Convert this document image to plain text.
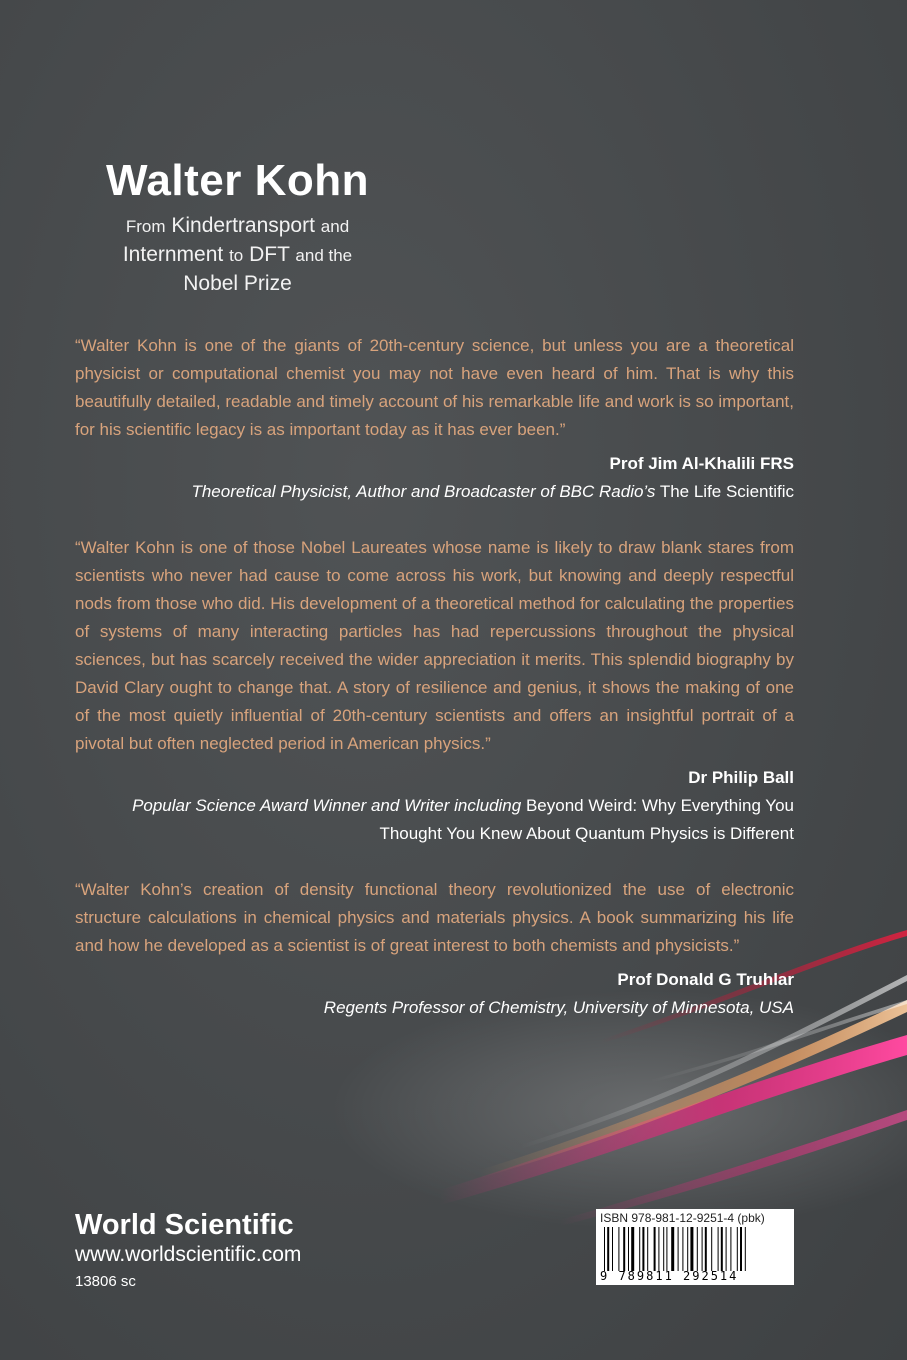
Walter Kohn
From Kindertransport and
Internment to DFT and the
Nobel Prize

“Walter Kohn is one of the giants of 20th-century science, but unless you are a theoretical physicist or computational chemist you may not have even heard of him. That is why this beautifully detailed, readable and timely account of his remarkable life and work is so important, for his scientific legacy is as important today as it has ever been.”

Prof Jim Al-Khalili FRS
Theoretical Physicist, Author and Broadcaster of BBC Radio’s The Life Scientific

“Walter Kohn is one of those Nobel Laureates whose name is likely to draw blank stares from scientists who never had cause to come across his work, but knowing and deeply respectful nods from those who did. His development of a theoretical method for calculating the properties of systems of many interacting particles has had repercussions throughout the physical sciences, but has scarcely received the wider appreciation it merits. This splendid biography by David Clary ought to change that. A story of resilience and genius, it shows the making of one of the most quietly influential of 20th-century scientists and offers an insightful portrait of a pivotal but often neglected period in American physics.”

Dr Philip Ball
Popular Science Award Winner and Writer including Beyond Weird: Why Everything You Thought You Knew About Quantum Physics is Different

“Walter Kohn’s creation of density functional theory revolutionized the use of electronic structure calculations in chemical physics and materials physics. A book summarizing his life and how he developed as a scientist is of great interest to both chemists and physicists.”

Prof Donald G Truhlar
Regents Professor of Chemistry, University of Minnesota, USA
World Scientific
www.worldscientific.com
13806 sc
ISBN 978-981-12-9251-4 (pbk)
9 789811 292514
